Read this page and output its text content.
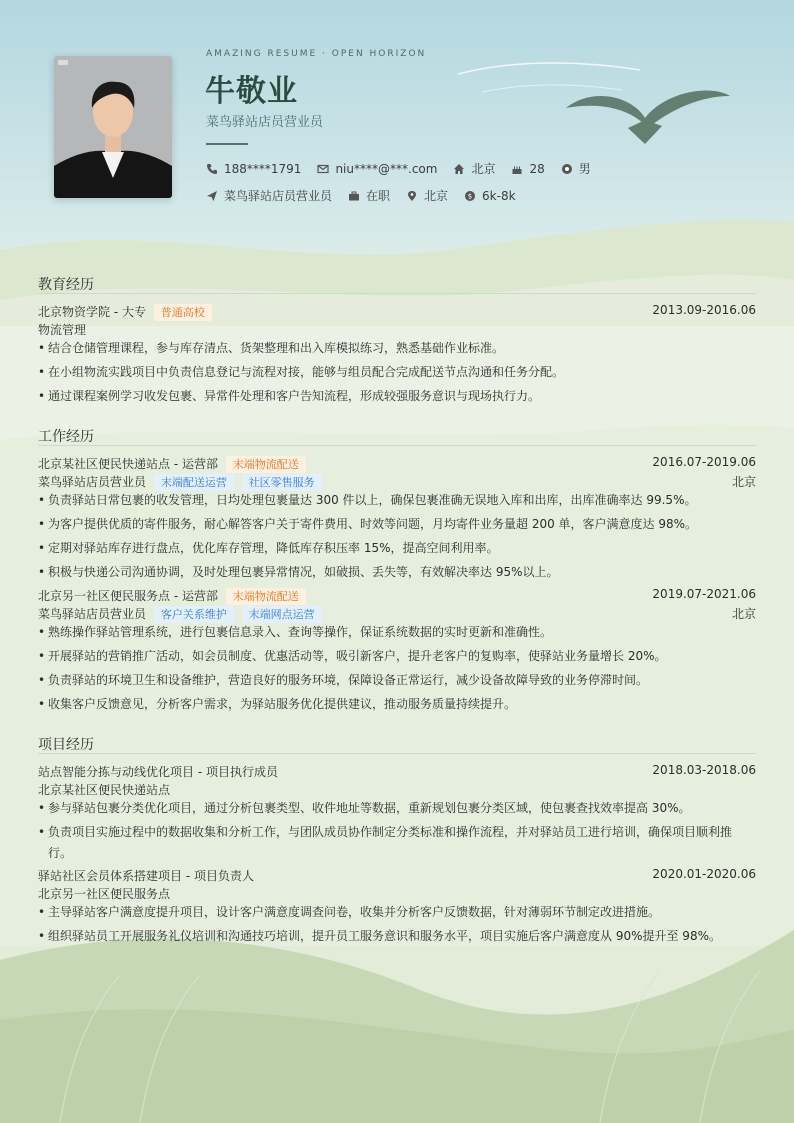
AMAZING RESUME · OPEN HORIZON
牛敬业
菜鸟驿站店员营业员
188****1791	niu****@***.com	北京	28	男
菜鸟驿站店员营业员	在职	北京	$ 6k-8k
教育经历
北京物资学院 - 大专 普通高校	2013.09-2016.06
物流管理
• 结合仓储管理课程，参与库存清点、货架整理和出入库模拟练习，熟悉基础作业标准。
• 在小组物流实践项目中负责信息登记与流程对接，能够与组员配合完成配送节点沟通和任务分配。
• 通过课程案例学习收发包裹、异常件处理和客户告知流程，形成较强服务意识与现场执行力。
工作经历
北京某社区便民快递站点 - 运营部 末端物流配送	2016.07-2019.06
菜鸟驿站店员营业员 末端配送运营 社区零售服务	北京
• 负责驿站日常包裹的收发管理，日均处理包裹量达 300 件以上，确保包裹准确无误地入库和出库，出库准确率达 99.5%。
• 为客户提供优质的寄件服务，耐心解答客户关于寄件费用、时效等问题，月均寄件业务量超 200 单，客户满意度达 98%。
• 定期对驿站库存进行盘点，优化库存管理，降低库存积压率 15%，提高空间利用率。
• 积极与快递公司沟通协调，及时处理包裹异常情况，如破损、丢失等，有效解决率达 95%以上。
北京另一社区便民服务点 - 运营部 末端物流配送	2019.07-2021.06
菜鸟驿站店员营业员 客户关系维护 末端网点运营	北京
• 熟练操作驿站管理系统，进行包裹信息录入、查询等操作，保证系统数据的实时更新和准确性。
• 开展驿站的营销推广活动，如会员制度、优惠活动等，吸引新客户，提升老客户的复购率，使驿站业务量增长 20%。
• 负责驿站的环境卫生和设备维护，营造良好的服务环境，保障设备正常运行，减少设备故障导致的业务停滞时间。
• 收集客户反馈意见，分析客户需求，为驿站服务优化提供建议，推动服务质量持续提升。
项目经历
站点智能分拣与动线优化项目 - 项目执行成员	2018.03-2018.06
北京某社区便民快递站点
• 参与驿站包裹分类优化项目，通过分析包裹类型、收件地址等数据，重新规划包裹分类区域，使包裹查找效率提高 30%。
• 负责项目实施过程中的数据收集和分析工作，与团队成员协作制定分类标准和操作流程，并对驿站员工进行培训，确保项目顺利推
行。
驿站社区会员体系搭建项目 - 项目负责人	2020.01-2020.06
北京另一社区便民服务点
• 主导驿站客户满意度提升项目，设计客户满意度调查问卷，收集并分析客户反馈数据，针对薄弱环节制定改进措施。
• 组织驿站员工开展服务礼仪培训和沟通技巧培训，提升员工服务意识和服务水平，项目实施后客户满意度从 90%提升至 98%。
